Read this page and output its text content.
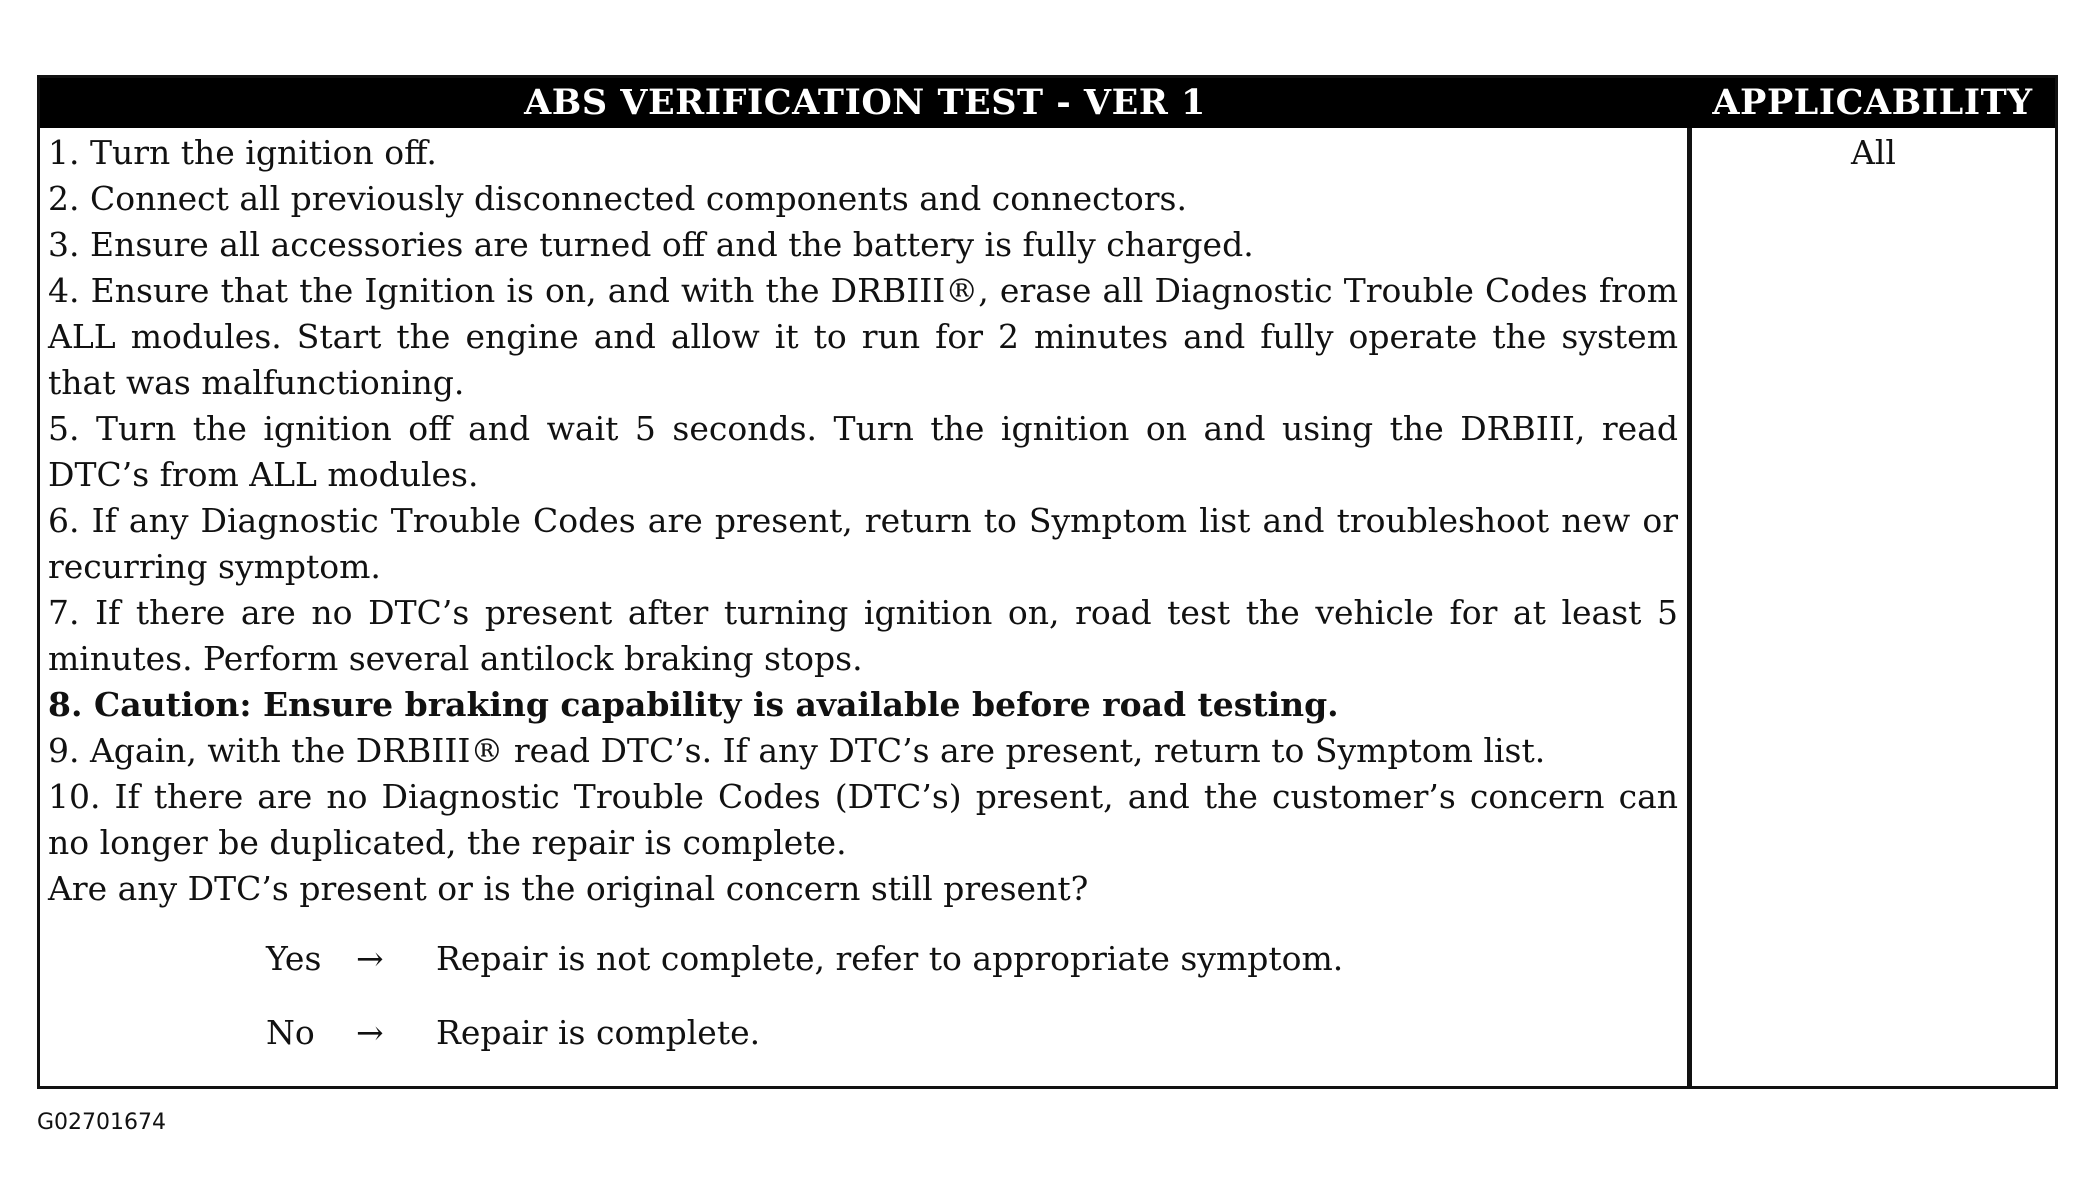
ABS VERIFICATION TEST - VER 1	APPLICABILITY

1. Turn the ignition off.

2. Connect all previously disconnected components and connectors.

3. Ensure all accessories are turned off and the battery is fully charged.

4. Ensure that the Ignition is on, and with the DRBIII®, erase all Diagnostic Trouble Codes from ALL modules. Start the engine and allow it to run for 2 minutes and fully operate the system that was malfunctioning.

5. Turn the ignition off and wait 5 seconds. Turn the ignition on and using the DRBIII, read DTC’s from ALL modules.

6. If any Diagnostic Trouble Codes are present, return to Symptom list and troubleshoot new or recurring symptom.

7. If there are no DTC’s present after turning ignition on, road test the vehicle for at least 5 minutes. Perform several antilock braking stops.

8. Caution: Ensure braking capability is available before road testing.

9. Again, with the DRBIII® read DTC’s. If any DTC’s are present, return to Symptom list.

10. If there are no Diagnostic Trouble Codes (DTC’s) present, and the customer’s concern can no longer be duplicated, the repair is complete.

Are any DTC’s present or is the original concern still present?

Yes → Repair is not complete, refer to appropriate symptom.
No → Repair is complete.
All
G02701674
